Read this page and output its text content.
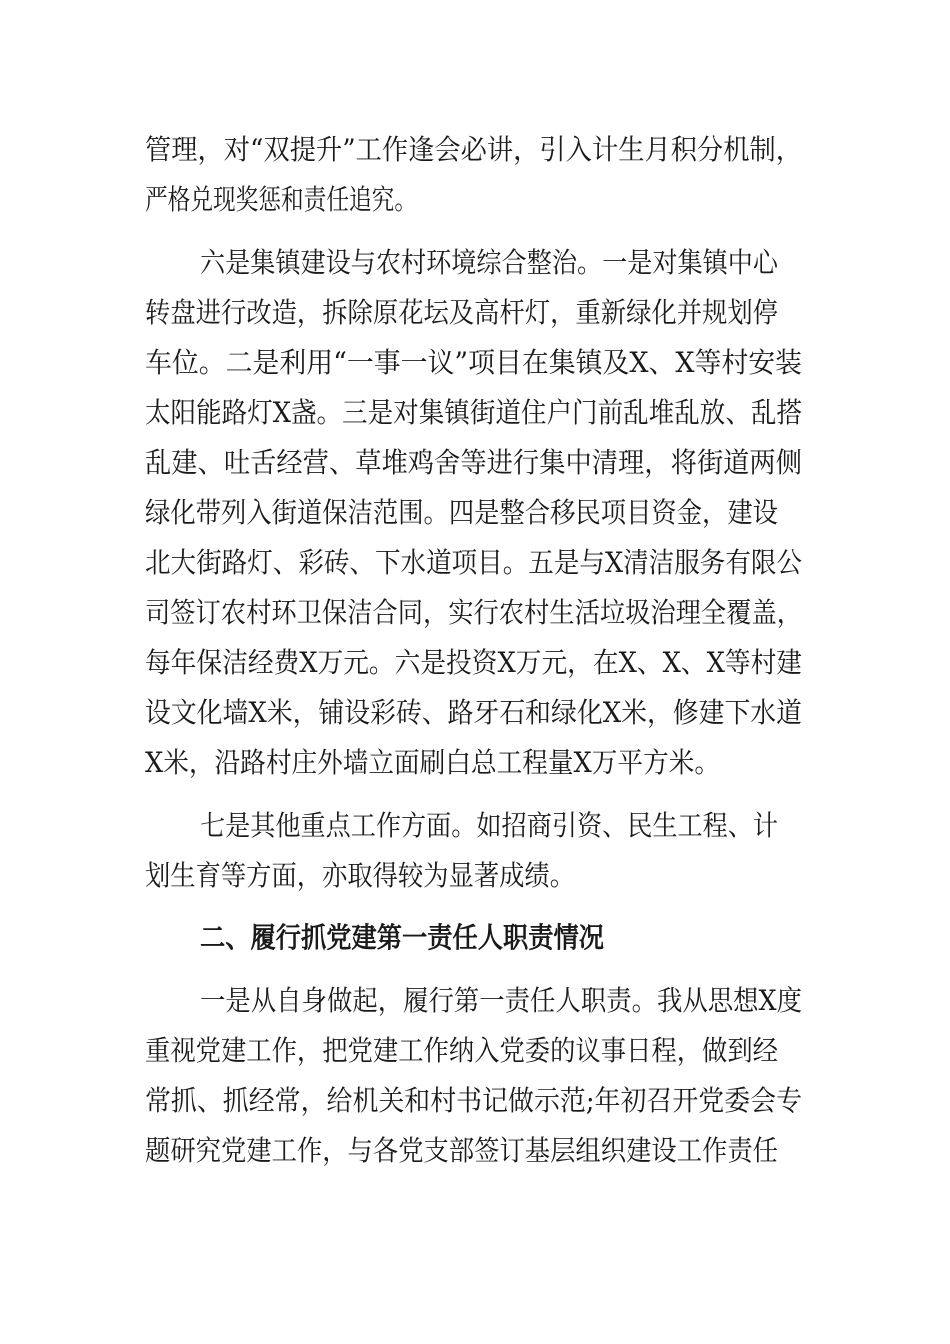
管理，对“双提升”工作逢会必讲，引入计生月积分机制，
严格兑现奖惩和责任追究。
六是集镇建设与农村环境综合整治。一是对集镇中心
转盘进行改造，拆除原花坛及高杆灯，重新绿化并规划停
车位。二是利用“一事一议”项目在集镇及X、X等村安装
太阳能路灯X盏。三是对集镇街道住户门前乱堆乱放、乱搭
乱建、吐舌经营、草堆鸡舍等进行集中清理，将街道两侧
绿化带列入街道保洁范围。四是整合移民项目资金，建设
北大街路灯、彩砖、下水道项目。五是与X清洁服务有限公
司签订农村环卫保洁合同，实行农村生活垃圾治理全覆盖，
每年保洁经费X万元。六是投资X万元，在X、X、X等村建
设文化墙X米，铺设彩砖、路牙石和绿化X米，修建下水道
X米，沿路村庄外墙立面刷白总工程量X万平方米。
七是其他重点工作方面。如招商引资、民生工程、计
划生育等方面，亦取得较为显著成绩。
二、履行抓党建第一责任人职责情况
一是从自身做起，履行第一责任人职责。我从思想X度
重视党建工作，把党建工作纳入党委的议事日程，做到经
常抓、抓经常，给机关和村书记做示范;年初召开党委会专
题研究党建工作，与各党支部签订基层组织建设工作责任
